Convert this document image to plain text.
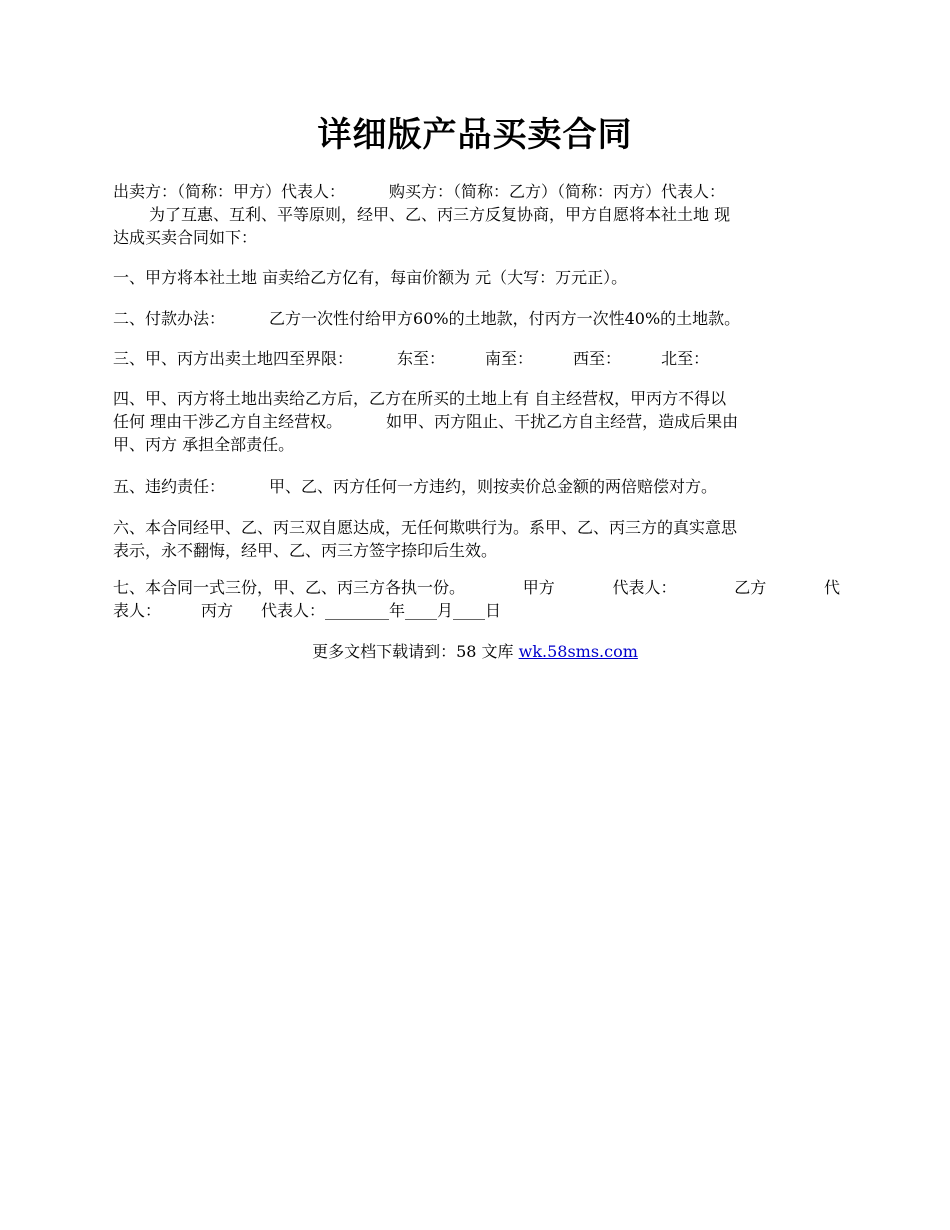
详细版产品买卖合同

出卖方：（简称：甲方）代表人：	购买方：（简称：乙方）（简称：丙方）代表人：

为了互惠、互利、平等原则，经甲、乙、丙三方反复协商，甲方自愿将本社土地 现

达成买卖合同如下：

一、甲方将本社土地 亩卖给乙方亿有，每亩价额为 元（大写：万元正）。

二、付款办法：	乙方一次性付给甲方60%的土地款，付丙方一次性40%的土地款。

三、甲、丙方出卖土地四至界限：	东至：	南至：	西至：	北至：

四、甲、丙方将土地出卖给乙方后，乙方在所买的土地上有 自主经营权，甲丙方不得以

任何 理由干涉乙方自主经营权。	如甲、丙方阻止、干扰乙方自主经营，造成后果由

甲、丙方 承担全部责任。

五、违约责任：	甲、乙、丙方任何一方违约，则按卖价总金额的两倍赔偿对方。

六、本合同经甲、乙、丙三双自愿达成，无任何欺哄行为。系甲、乙、丙三方的真实意思

表示，永不翻悔，经甲、乙、丙三方签字捺印后生效。

七、本合同一式三份，甲、乙、丙三方各执一份。	甲方	代表人：	乙方	代

表人：	丙方 代表人：________年____月____日

更多文档下载请到：58 文库 wk.58sms.com
